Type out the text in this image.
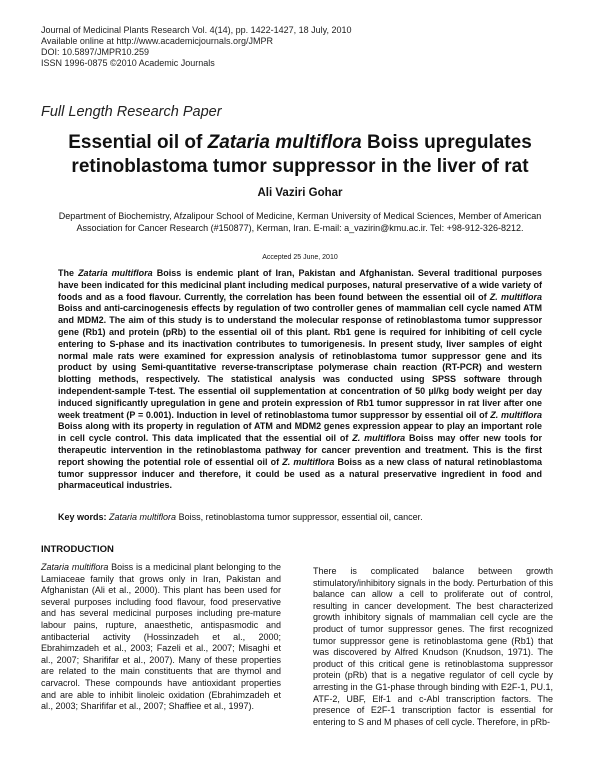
Journal of Medicinal Plants Research Vol. 4(14), pp. 1422-1427, 18 July, 2010
Available online at http://www.academicjournals.org/JMPR
DOI: 10.5897/JMPR10.259
ISSN 1996-0875 ©2010 Academic Journals
Full Length Research Paper
Essential oil of Zataria multiflora Boiss upregulates retinoblastoma tumor suppressor in the liver of rat
Ali Vaziri Gohar
Department of Biochemistry, Afzalipour School of Medicine, Kerman University of Medical Sciences, Member of American Association for Cancer Research (#150877), Kerman, Iran. E-mail: a_vazirin@kmu.ac.ir. Tel: +98-912-326-8212.
Accepted 25 June, 2010
The Zataria multiflora Boiss is endemic plant of Iran, Pakistan and Afghanistan. Several traditional purposes have been indicated for this medicinal plant including medical purposes, natural preservative of a wide variety of foods and as a food flavour. Currently, the correlation has been found between the essential oil of Z. multiflora Boiss and anti-carcinogenesis effects by regulation of two controller genes of mammalian cell cycle named ATM and MDM2. The aim of this study is to understand the molecular response of retinoblastoma tumor suppressor gene (Rb1) and protein (pRb) to the essential oil of this plant. Rb1 gene is required for inhibiting of cell cycle entering to S-phase and its inactivation contributes to tumorigenesis. In present study, liver samples of eight normal male rats were examined for expression analysis of retinoblastoma tumor suppressor gene and its product by using Semi-quantitative reverse-transcriptase polymerase chain reaction (RT-PCR) and western blotting methods, respectively. The statistical analysis was conducted using SPSS software through independent-sample T-test. The essential oil supplementation at concentration of 50 µl/kg body weight per day induced significantly upregulation in gene and protein expression of Rb1 tumor suppressor in rat liver after one week treatment (P = 0.001). Induction in level of retinoblastoma tumor suppressor by essential oil of Z. multiflora Boiss along with its property in regulation of ATM and MDM2 genes expression appear to play an important role in cell cycle control. This data implicated that the essential oil of Z. multiflora Boiss may offer new tools for therapeutic intervention in the retinoblastoma pathway for cancer prevention and treatment. This is the first report showing the potential role of essential oil of Z. multiflora Boiss as a new class of natural retinoblastoma tumor suppressor inducer and therefore, it could be used as a natural preservative ingredient in food and pharmaceutical industries.
Key words: Zataria multiflora Boiss, retinoblastoma tumor suppressor, essential oil, cancer.
INTRODUCTION
Zataria multiflora Boiss is a medicinal plant belonging to the Lamiaceae family that grows only in Iran, Pakistan and Afghanistan (Ali et al., 2000). This plant has been used for several purposes including food flavour, food preservative and has several medicinal purposes including pre-mature labour pains, rupture, anaesthetic, antispasmodic and antibacterial activity (Hossinzadeh et al., 2000; Ebrahimzadeh et al., 2003; Fazeli et al., 2007; Misaghi et al., 2007; Sharififar et al., 2007). Many of these properties are related to the main constituents that are thymol and carvacrol. These compounds have antioxidant properties and are able to inhibit linoleic oxidation (Ebrahimzadeh et al., 2003; Sharififar et al., 2007; Shaffiee et al., 1997).
There is complicated balance between growth stimulatory/inhibitory signals in the body. Perturbation of this balance can allow a cell to proliferate out of control, resulting in cancer development. The best characterized growth inhibitory signals of mammalian cell cycle are the product of tumor suppressor genes. The first recognized tumor suppressor gene is retinoblastoma gene (Rb1) that was discovered by Alfred Knudson (Knudson, 1971). The product of this critical gene is retinoblastoma suppressor protein (pRb) that is a negative regulator of cell cycle by arresting in the G1-phase through binding with E2F-1, PU.1, ATF-2, UBF, Elf-1 and c-Abl transcription factors. The presence of E2F-1 transcription factor is essential for entering to S and M phases of cell cycle. Therefore, in pRb-
